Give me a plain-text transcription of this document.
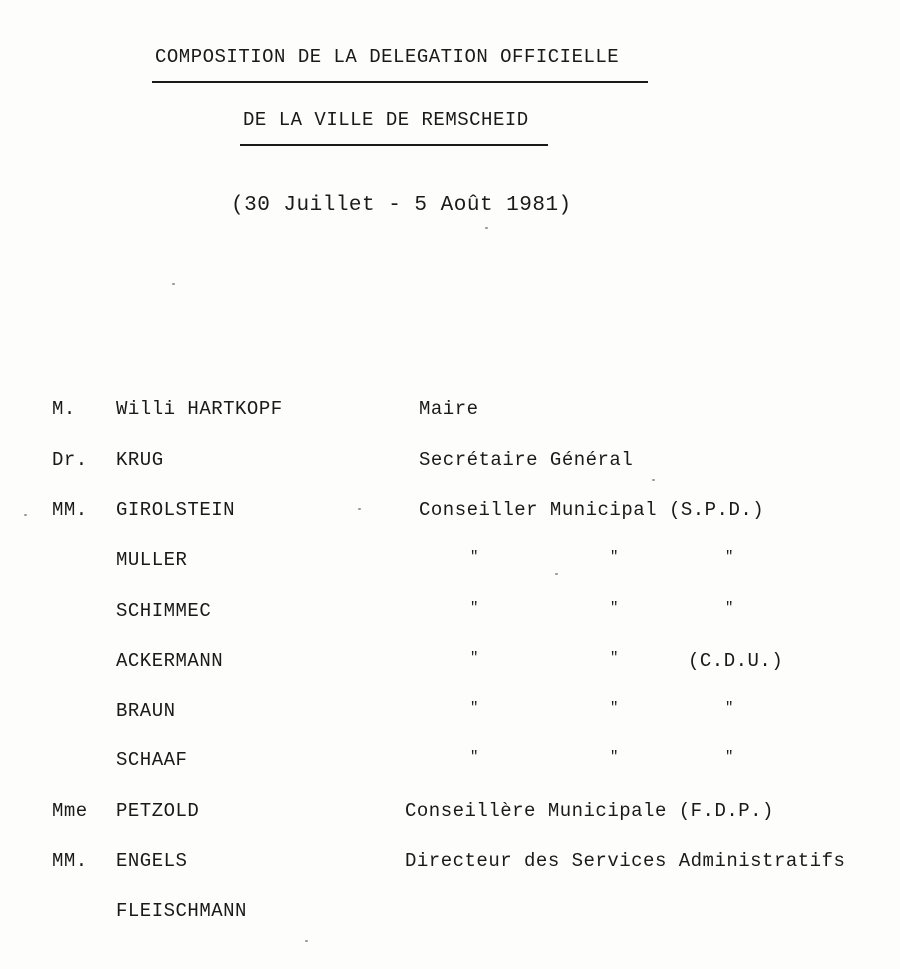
COMPOSITION DE LA DELEGATION OFFICIELLE
DE LA VILLE DE REMSCHEID
(30 Juillet - 5 Août 1981)
M. Willi HARTKOPF	Maire
Dr. KRUG	Secrétaire Général
MM. GIROLSTEIN	Conseiller Municipal (S.P.D.)
MULLER	"	"	"
SCHIMMEC	"	"	"
ACKERMANN	"	"	(C.D.U.)
BRAUN	"	"	"
SCHAAF	"	"	"
Mme PETZOLD	Conseillère Municipale (F.D.P.)
MM. ENGELS	Directeur des Services Administratifs
FLEISCHMANN
